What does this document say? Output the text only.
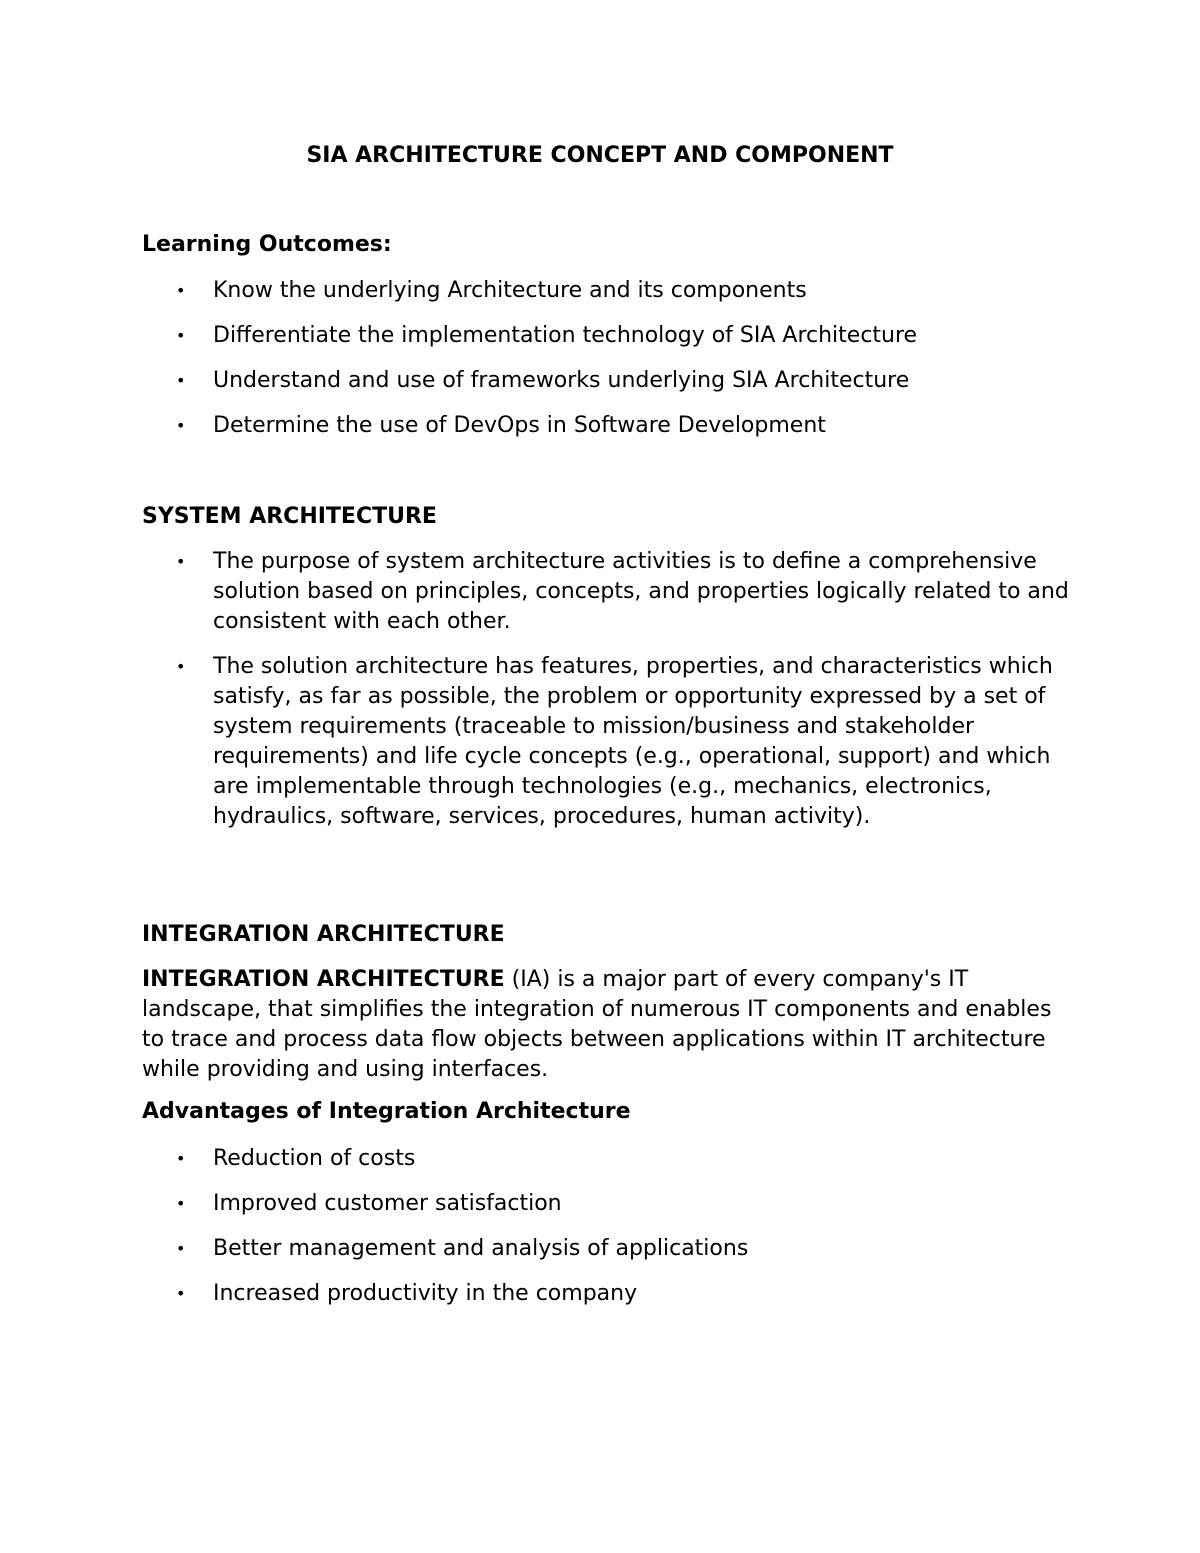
SIA ARCHITECTURE CONCEPT AND COMPONENT
Learning Outcomes:
• Know the underlying Architecture and its components
• Differentiate the implementation technology of SIA Architecture
• Understand and use of frameworks underlying SIA Architecture
• Determine the use of DevOps in Software Development
SYSTEM ARCHITECTURE
• The purpose of system architecture activities is to define a comprehensive solution based on principles, concepts, and properties logically related to and consistent with each other.
• The solution architecture has features, properties, and characteristics which satisfy, as far as possible, the problem or opportunity expressed by a set of system requirements (traceable to mission/business and stakeholder requirements) and life cycle concepts (e.g., operational, support) and which are implementable through technologies (e.g., mechanics, electronics, hydraulics, software, services, procedures, human activity).
INTEGRATION ARCHITECTURE

INTEGRATION ARCHITECTURE (IA) is a major part of every company's IT landscape, that simplifies the integration of numerous IT components and enables to trace and process data flow objects between applications within IT architecture while providing and using interfaces.

Advantages of Integration Architecture
• Reduction of costs
• Improved customer satisfaction
• Better management and analysis of applications
• Increased productivity in the company
